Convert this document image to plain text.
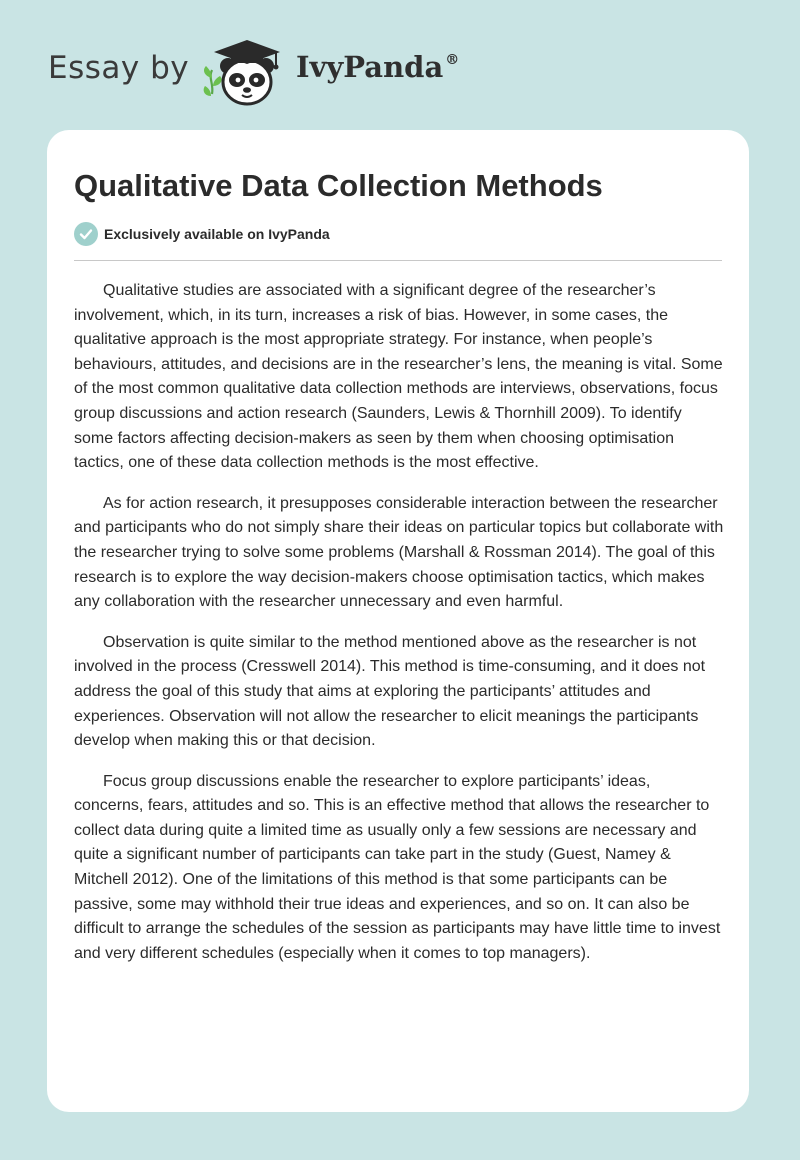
Essay by	IvyPanda ®
Qualitative Data Collection Methods
Exclusively available on IvyPanda

Qualitative studies are associated with a significant degree of the researcher’s involvement, which, in its turn, increases a risk of bias. However, in some cases, the qualitative approach is the most appropriate strategy. For instance, when people’s behaviours, attitudes, and decisions are in the researcher’s lens, the meaning is vital. Some of the most common qualitative data collection methods are interviews, observations, focus group discussions and action research (Saunders, Lewis & Thornhill 2009). To identify some factors affecting decision-makers as seen by them when choosing optimisation tactics, one of these data collection methods is the most effective.

As for action research, it presupposes considerable interaction between the researcher and participants who do not simply share their ideas on particular topics but collaborate with the researcher trying to solve some problems (Marshall & Rossman 2014). The goal of this research is to explore the way decision-makers choose optimisation tactics, which makes any collaboration with the researcher unnecessary and even harmful.

Observation is quite similar to the method mentioned above as the researcher is not involved in the process (Cresswell 2014). This method is time-consuming, and it does not address the goal of this study that aims at exploring the participants’ attitudes and experiences. Observation will not allow the researcher to elicit meanings the participants develop when making this or that decision.

Focus group discussions enable the researcher to explore participants’ ideas, concerns, fears, attitudes and so. This is an effective method that allows the researcher to collect data during quite a limited time as usually only a few sessions are necessary and quite a significant number of participants can take part in the study (Guest, Namey & Mitchell 2012). One of the limitations of this method is that some participants can be passive, some may withhold their true ideas and experiences, and so on. It can also be difficult to arrange the schedules of the session as participants may have little time to invest and very different schedules (especially when it comes to top managers).
